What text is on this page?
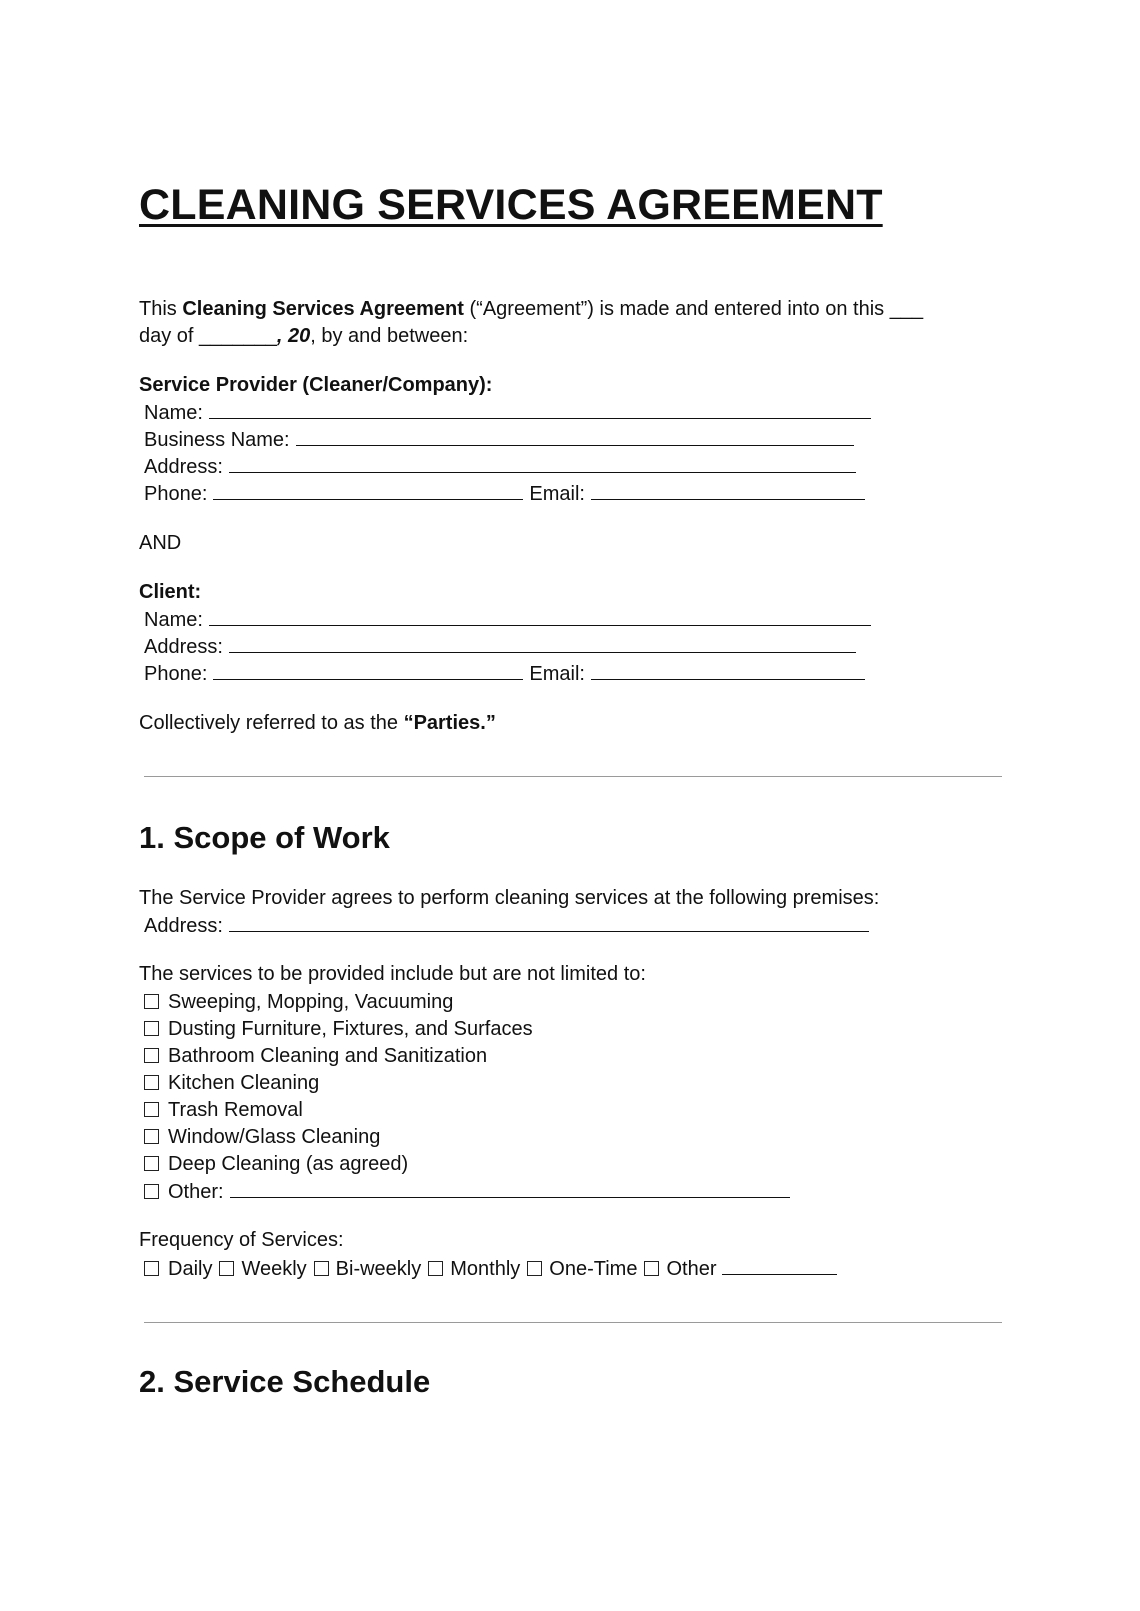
CLEANING SERVICES AGREEMENT
This Cleaning Services Agreement (“Agreement”) is made and entered into on this ___
day of _______, 20, by and between:
Service Provider (Cleaner/Company):
Name:
Business Name:
Address:
Phone:	Email:
AND
Client:
Name:
Address:
Phone:	Email:
Collectively referred to as the “Parties.”
1. Scope of Work
The Service Provider agrees to perform cleaning services at the following premises:
Address:
The services to be provided include but are not limited to:
Sweeping, Mopping, Vacuuming
Dusting Furniture, Fixtures, and Surfaces
Bathroom Cleaning and Sanitization
Kitchen Cleaning
Trash Removal
Window/Glass Cleaning
Deep Cleaning (as agreed)
Other:
Frequency of Services:
Daily Weekly Bi-weekly Monthly One-Time Other
2. Service Schedule
